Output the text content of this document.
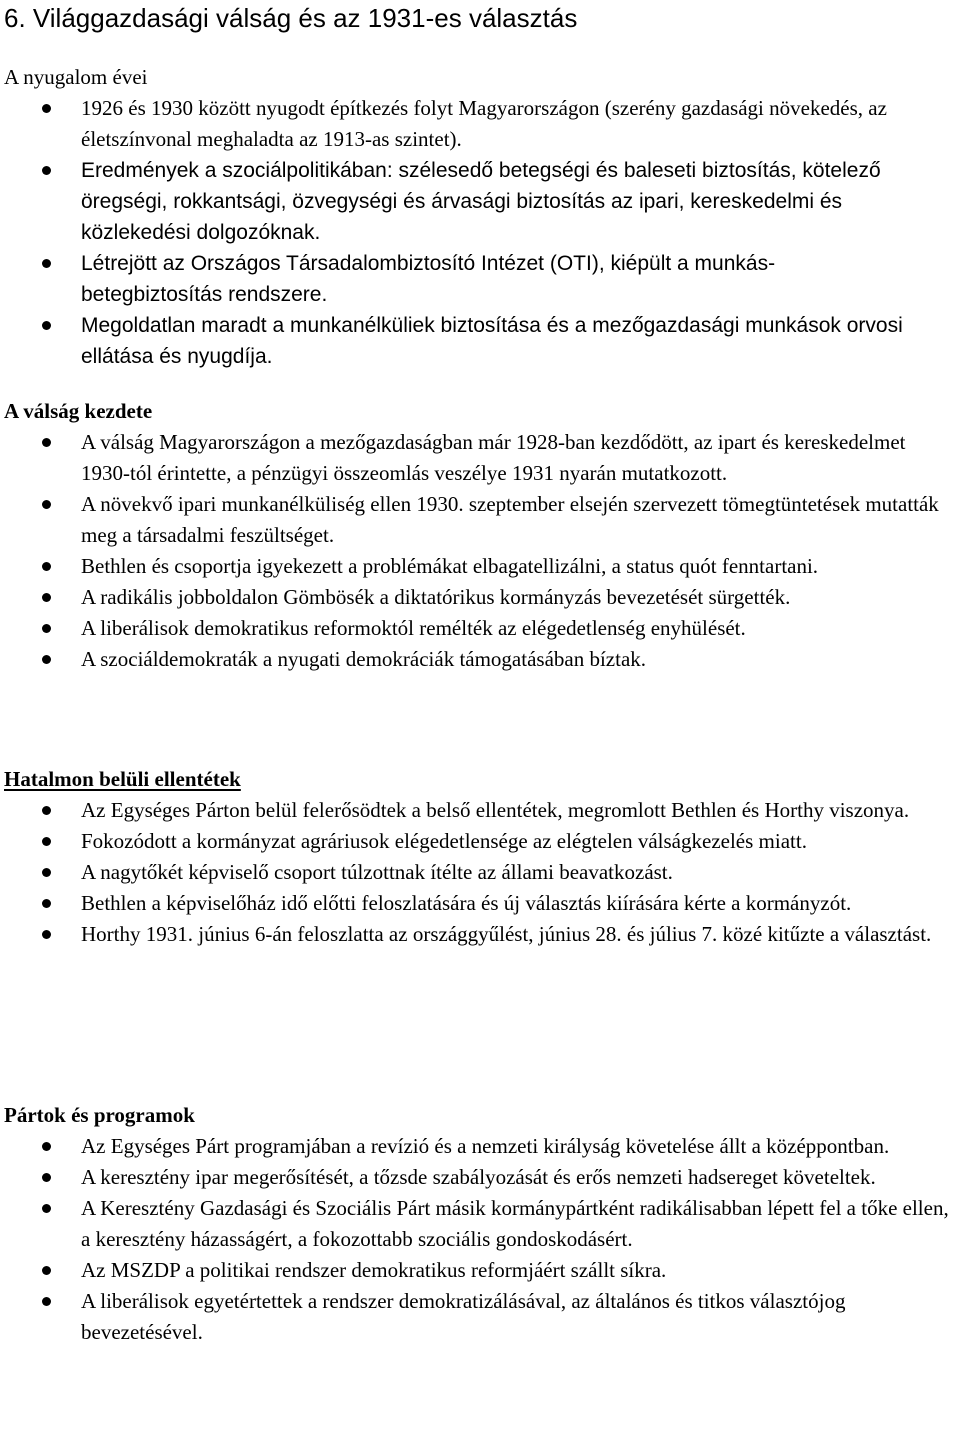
6. Világgazdasági válság és az 1931-es választás
A nyugalom évei
1926 és 1930 között nyugodt építkezés folyt Magyarországon (szerény gazdasági növekedés, az életszínvonal meghaladta az 1913-as szintet).
Eredmények a szociálpolitikában: szélesedő betegségi és baleseti biztosítás, kötelező öregségi, rokkantsági, özvegységi és árvasági biztosítás az ipari, kereskedelmi és közlekedési dolgozóknak.
Létrejött az Országos Társadalombiztosító Intézet (OTI), kiépült a munkás-betegbiztosítás rendszere.
Megoldatlan maradt a munkanélküliek biztosítása és a mezőgazdasági munkások orvosi ellátása és nyugdíja.
A válság kezdete
A válság Magyarországon a mezőgazdaságban már 1928-ban kezdődött, az ipart és kereskedelmet 1930-tól érintette, a pénzügyi összeomlás veszélye 1931 nyarán mutatkozott.
A növekvő ipari munkanélküliség ellen 1930. szeptember elsején szervezett tömegtüntetések mutatták meg a társadalmi feszültséget.
Bethlen és csoportja igyekezett a problémákat elbagatellizálni, a status quót fenntartani.
A radikális jobboldalon Gömbösék a diktatórikus kormányzás bevezetését sürgették.
A liberálisok demokratikus reformoktól remélték az elégedetlenség enyhülését.
A szociáldemokraták a nyugati demokráciák támogatásában bíztak.
Hatalmon belüli ellentétek
Az Egységes Párton belül felerősödtek a belső ellentétek, megromlott Bethlen és Horthy viszonya.
Fokozódott a kormányzat agráriusok elégedetlensége az elégtelen válságkezelés miatt.
A nagytőkét képviselő csoport túlzottnak ítélte az állami beavatkozást.
Bethlen a képviselőház idő előtti feloszlatására és új választás kiírására kérte a kormányzót.
Horthy 1931. június 6-án feloszlatta az országgyűlést, június 28. és július 7. közé kitűzte a választást.
Pártok és programok
Az Egységes Párt programjában a revízió és a nemzeti királyság követelése állt a középpontban.
A keresztény ipar megerősítését, a tőzsde szabályozását és erős nemzeti hadsereget követeltek.
A Keresztény Gazdasági és Szociális Párt másik kormánypártként radikálisabban lépett fel a tőke ellen, a keresztény házasságért, a fokozottabb szociális gondoskodásért.
Az MSZDP a politikai rendszer demokratikus reformjáért szállt síkra.
A liberálisok egyetértettek a rendszer demokratizálásával, az általános és titkos választójog bevezetésével.
